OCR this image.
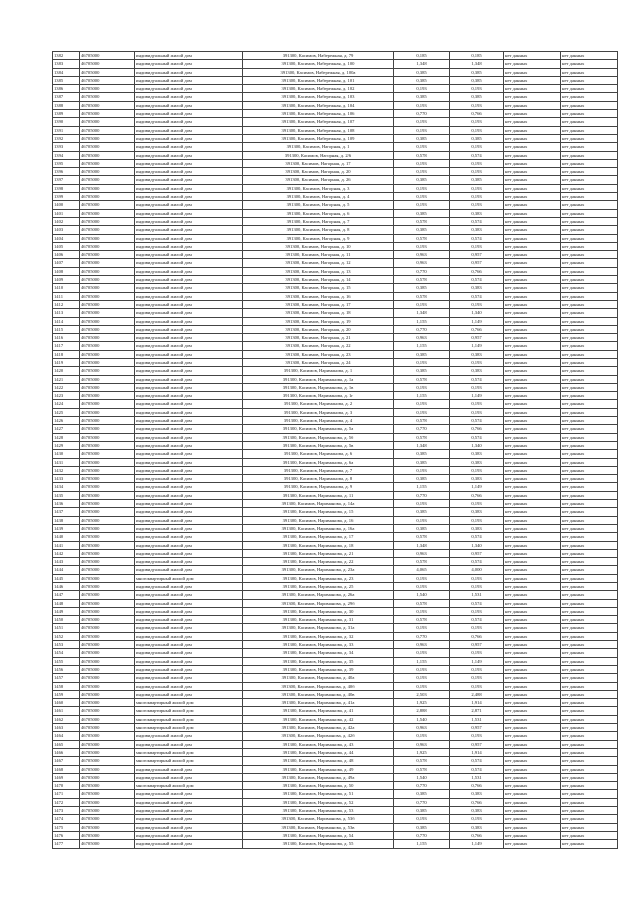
1382	46705000	индивидуальный жилой дом	391300, Касимов, Набережная, д. 79	0,185	0,185	нет данных	нет данных
1383	46705000	индивидуальный жилой дом	391300, Касимов, Набережная, д. 100	1,348	1,348	нет данных	нет данных
1384	46705000	индивидуальный жилой дом	391300, Касимов, Набережная, д. 100а	0,385	0,385	нет данных	нет данных
1385	46705000	индивидуальный жилой дом	391300, Касимов, Набережная, д. 101	0,385	0,385	нет данных	нет данных
1386	46705000	индивидуальный жилой дом	391300, Касимов, Набережная, д. 102	0,193	0,193	нет данных	нет данных
1387	46705000	индивидуальный жилой дом	391300, Касимов, Набережная, д. 103	0,385	0,385	нет данных	нет данных
1388	46705000	индивидуальный жилой дом	391300, Касимов, Набережная, д. 104	0,193	0,193	нет данных	нет данных
1389	46705000	индивидуальный жилой дом	391300, Касимов, Набережная, д. 106	0,770	0,766	нет данных	нет данных
1390	46705000	индивидуальный жилой дом	391300, Касимов, Набережная, д. 107	0,193	0,193	нет данных	нет данных
1391	46705000	индивидуальный жилой дом	391300, Касимов, Набережная, д. 108	0,193	0,193	нет данных	нет данных
1392	46705000	индивидуальный жилой дом	391300, Касимов, Набережная, д. 109	0,385	0,385	нет данных	нет данных
1393	46705000	индивидуальный жилой дом	391300, Касимов, Нагорная, д. 1	0,193	0,193	нет данных	нет данных
1394	46705000	индивидуальный жилой дом	391300, Касимов, Нагорная, д. 2/6	0,578	0,574	нет данных	нет данных
1395	46705000	индивидуальный жилой дом	391300, Касимов, Нагорная, д. 17	0,193	0,193	нет данных	нет данных
1396	46705000	индивидуальный жилой дом	391300, Касимов, Нагорная, д. 20	0,193	0,193	нет данных	нет данных
1397	46705000	индивидуальный жилой дом	391300, Касимов, Нагорная, д. 26	0,385	0,385	нет данных	нет данных
1398	46705000	индивидуальный жилой дом	391300, Касимов, Нагорная, д. 3	0,193	0,193	нет данных	нет данных
1399	46705000	индивидуальный жилой дом	391300, Касимов, Нагорная, д. 4	0,193	0,193	нет данных	нет данных
1400	46705000	индивидуальный жилой дом	391300, Касимов, Нагорная, д. 5	0,193	0,193	нет данных	нет данных
1401	46705000	индивидуальный жилой дом	391300, Касимов, Нагорная, д. 6	0,385	0,383	нет данных	нет данных
1402	46705000	индивидуальный жилой дом	391300, Касимов, Нагорная, д. 7	0,578	0,574	нет данных	нет данных
1403	46705000	индивидуальный жилой дом	391300, Касимов, Нагорная, д. 8	0,385	0,383	нет данных	нет данных
1404	46705000	индивидуальный жилой дом	391300, Касимов, Нагорная, д. 9	0,578	0,574	нет данных	нет данных
1405	46705000	индивидуальный жилой дом	391300, Касимов, Нагорная, д. 10	0,193	0,193	нет данных	нет данных
1406	46705000	индивидуальный жилой дом	391300, Касимов, Нагорная, д. 11	0,963	0,957	нет данных	нет данных
1407	46705000	индивидуальный жилой дом	391300, Касимов, Нагорная, д. 12	0,963	0,957	нет данных	нет данных
1408	46705000	индивидуальный жилой дом	391300, Касимов, Нагорная, д. 13	0,770	0,766	нет данных	нет данных
1409	46705000	индивидуальный жилой дом	391300, Касимов, Нагорная, д. 14	0,578	0,574	нет данных	нет данных
1410	46705000	индивидуальный жилой дом	391300, Касимов, Нагорная, д. 15	0,385	0,383	нет данных	нет данных
1411	46705000	индивидуальный жилой дом	391300, Касимов, Нагорная, д. 16	0,578	0,574	нет данных	нет данных
1412	46705000	индивидуальный жилой дом	391300, Касимов, Нагорная, д. 17	0,193	0,193	нет данных	нет данных
1413	46705000	индивидуальный жилой дом	391300, Касимов, Нагорная, д. 18	1,348	1,340	нет данных	нет данных
1414	46705000	индивидуальный жилой дом	391300, Касимов, Нагорная, д. 19	1,155	1,149	нет данных	нет данных
1415	46705000	индивидуальный жилой дом	391300, Касимов, Нагорная, д. 20	0,770	0,766	нет данных	нет данных
1416	46705000	индивидуальный жилой дом	391300, Касимов, Нагорная, д. 21	0,963	0,957	нет данных	нет данных
1417	46705000	индивидуальный жилой дом	391300, Касимов, Нагорная, д. 22	1,155	1,149	нет данных	нет данных
1418	46705000	индивидуальный жилой дом	391300, Касимов, Нагорная, д. 23	0,385	0,383	нет данных	нет данных
1419	46705000	индивидуальный жилой дом	391300, Касимов, Нагорная, д. 24	0,193	0,193	нет данных	нет данных
1420	46705000	индивидуальный жилой дом	391300, Касимов, Нариманова, д. 1	0,385	0,383	нет данных	нет данных
1421	46705000	индивидуальный жилой дом	391300, Касимов, Нариманова, д. 1а	0,578	0,574	нет данных	нет данных
1422	46705000	индивидуальный жилой дом	391300, Касимов, Нариманова, д. 1в	0,193	0,193	нет данных	нет данных
1423	46705000	индивидуальный жилой дом	391300, Касимов, Нариманова, д. 1г	1,155	1,149	нет данных	нет данных
1424	46705000	индивидуальный жилой дом	391300, Касимов, Нариманова, д. 2	0,193	0,193	нет данных	нет данных
1425	46705000	индивидуальный жилой дом	391300, Касимов, Нариманова, д. 3	0,193	0,193	нет данных	нет данных
1426	46705000	индивидуальный жилой дом	391300, Касимов, Нариманова, д. 4	0,578	0,574	нет данных	нет данных
1427	46705000	индивидуальный жилой дом	391300, Касимов, Нариманова, д. 5а	0,770	0,766	нет данных	нет данных
1428	46705000	индивидуальный жилой дом	391300, Касимов, Нариманова, д. 5б	0,578	0,574	нет данных	нет данных
1429	46705000	индивидуальный жилой дом	391300, Касимов, Нариманова, д. 5в	1,348	1,340	нет данных	нет данных
1430	46705000	индивидуальный жилой дом	391300, Касимов, Нариманова, д. 6	0,385	0,383	нет данных	нет данных
1431	46705000	индивидуальный жилой дом	391300, Касимов, Нариманова, д. 6а	0,385	0,383	нет данных	нет данных
1432	46705000	индивидуальный жилой дом	391300, Касимов, Нариманова, д. 7	0,193	0,193	нет данных	нет данных
1433	46705000	индивидуальный жилой дом	391300, Касимов, Нариманова, д. 8	0,385	0,383	нет данных	нет данных
1434	46705000	индивидуальный жилой дом	391300, Касимов, Нариманова, д. 9	1,155	1,149	нет данных	нет данных
1435	46705000	индивидуальный жилой дом	391300, Касимов, Нариманова, д. 11	0,770	0,766	нет данных	нет данных
1436	46705000	индивидуальный жилой дом	391300, Касимов, Нариманова, д. 14а	0,193	0,193	нет данных	нет данных
1437	46705000	индивидуальный жилой дом	391300, Касимов, Нариманова, д. 15	0,385	0,383	нет данных	нет данных
1438	46705000	индивидуальный жилой дом	391300, Касимов, Нариманова, д. 16	0,193	0,193	нет данных	нет данных
1439	46705000	индивидуальный жилой дом	391300, Касимов, Нариманова, д. 16а	0,385	0,383	нет данных	нет данных
1440	46705000	индивидуальный жилой дом	391300, Касимов, Нариманова, д. 17	0,578	0,574	нет данных	нет данных
1441	46705000	индивидуальный жилой дом	391300, Касимов, Нариманова, д. 18	1,348	1,340	нет данных	нет данных
1442	46705000	индивидуальный жилой дом	391300, Касимов, Нариманова, д. 21	0,963	0,957	нет данных	нет данных
1443	46705000	индивидуальный жилой дом	391300, Касимов, Нариманова, д. 22	0,578	0,574	нет данных	нет данных
1444	46705000	индивидуальный жилой дом	391300, Касимов, Нариманова, д. 23а	4,065	4,000	нет данных	нет данных
1445	46705000	многоквартирный жилой дом	391300, Касимов, Нариманова, д. 23	0,193	0,193	нет данных	нет данных
1446	46705000	индивидуальный жилой дом	391300, Касимов, Нариманова, д. 25	0,193	0,193	нет данных	нет данных
1447	46705000	индивидуальный жилой дом	391300, Касимов, Нариманова, д. 26а	1,540	1,531	нет данных	нет данных
1448	46705000	индивидуальный жилой дом	391300, Касимов, Нариманова, д. 29б	0,578	0,574	нет данных	нет данных
1449	46705000	индивидуальный жилой дом	391300, Касимов, Нариманова, д. 30	0,193	0,193	нет данных	нет данных
1450	46705000	индивидуальный жилой дом	391300, Касимов, Нариманова, д. 31	0,578	0,574	нет данных	нет данных
1451	46705000	индивидуальный жилой дом	391300, Касимов, Нариманова, д. 31а	0,193	0,193	нет данных	нет данных
1452	46705000	индивидуальный жилой дом	391300, Касимов, Нариманова, д. 32	0,770	0,766	нет данных	нет данных
1453	46705000	индивидуальный жилой дом	391300, Касимов, Нариманова, д. 33	0,963	0,957	нет данных	нет данных
1454	46705000	индивидуальный жилой дом	391300, Касимов, Нариманова, д. 34	0,193	0,193	нет данных	нет данных
1455	46705000	индивидуальный жилой дом	391300, Касимов, Нариманова, д. 35	1,155	1,149	нет данных	нет данных
1456	46705000	индивидуальный жилой дом	391300, Касимов, Нариманова, д. 39	0,193	0,193	нет данных	нет данных
1457	46705000	индивидуальный жилой дом	391300, Касимов, Нариманова, д. 40а	0,193	0,193	нет данных	нет данных
1458	46705000	индивидуальный жилой дом	391300, Касимов, Нариманова, д. 40б	0,193	0,193	нет данных	нет данных
1459	46705000	индивидуальный жилой дом	391300, Касимов, Нариманова, д. 40в	2,503	2,488	нет данных	нет данных
1460	46705000	многоквартирный жилой дом	391300, Касимов, Нариманова, д. 41а	1,925	1,914	нет данных	нет данных
1461	46705000	многоквартирный жилой дом	391300, Касимов, Нариманова, д. 41	2,888	2,871	нет данных	нет данных
1462	46705000	многоквартирный жилой дом	391300, Касимов, Нариманова, д. 42	1,540	1,531	нет данных	нет данных
1463	46705000	многоквартирный жилой дом	391300, Касимов, Нариманова, д. 42а	0,963	0,957	нет данных	нет данных
1464	46705000	индивидуальный жилой дом	391300, Касимов, Нариманова, д. 42б	0,193	0,193	нет данных	нет данных
1465	46705000	индивидуальный жилой дом	391300, Касимов, Нариманова, д. 43	0,963	0,957	нет данных	нет данных
1466	46705000	многоквартирный жилой дом	391300, Касимов, Нариманова, д. 44	1,925	1,914	нет данных	нет данных
1467	46705000	многоквартирный жилой дом	391300, Касимов, Нариманова, д. 48	0,578	0,574	нет данных	нет данных
1468	46705000	индивидуальный жилой дом	391300, Касимов, Нариманова, д. 49	0,578	0,574	нет данных	нет данных
1469	46705000	индивидуальный жилой дом	391300, Касимов, Нариманова, д. 49а	1,540	1,531	нет данных	нет данных
1470	46705000	многоквартирный жилой дом	391300, Касимов, Нариманова, д. 50	0,770	0,766	нет данных	нет данных
1471	46705000	индивидуальный жилой дом	391300, Касимов, Нариманова, д. 51	0,385	0,383	нет данных	нет данных
1472	46705000	индивидуальный жилой дом	391300, Касимов, Нариманова, д. 52	0,770	0,766	нет данных	нет данных
1473	46705000	индивидуальный жилой дом	391300, Касимов, Нариманова, д. 53	0,385	0,383	нет данных	нет данных
1474	46705000	индивидуальный жилой дом	391300, Касимов, Нариманова, д. 53б	0,193	0,193	нет данных	нет данных
1475	46705000	индивидуальный жилой дом	391300, Касимов, Нариманова, д. 53в	0,385	0,383	нет данных	нет данных
1476	46705000	индивидуальный жилой дом	391300, Касимов, Нариманова, д. 54	0,770	0,766	нет данных	нет данных
1477	46705000	индивидуальный жилой дом	391300, Касимов, Нариманова, д. 55	1,155	1,149	нет данных	нет данных
